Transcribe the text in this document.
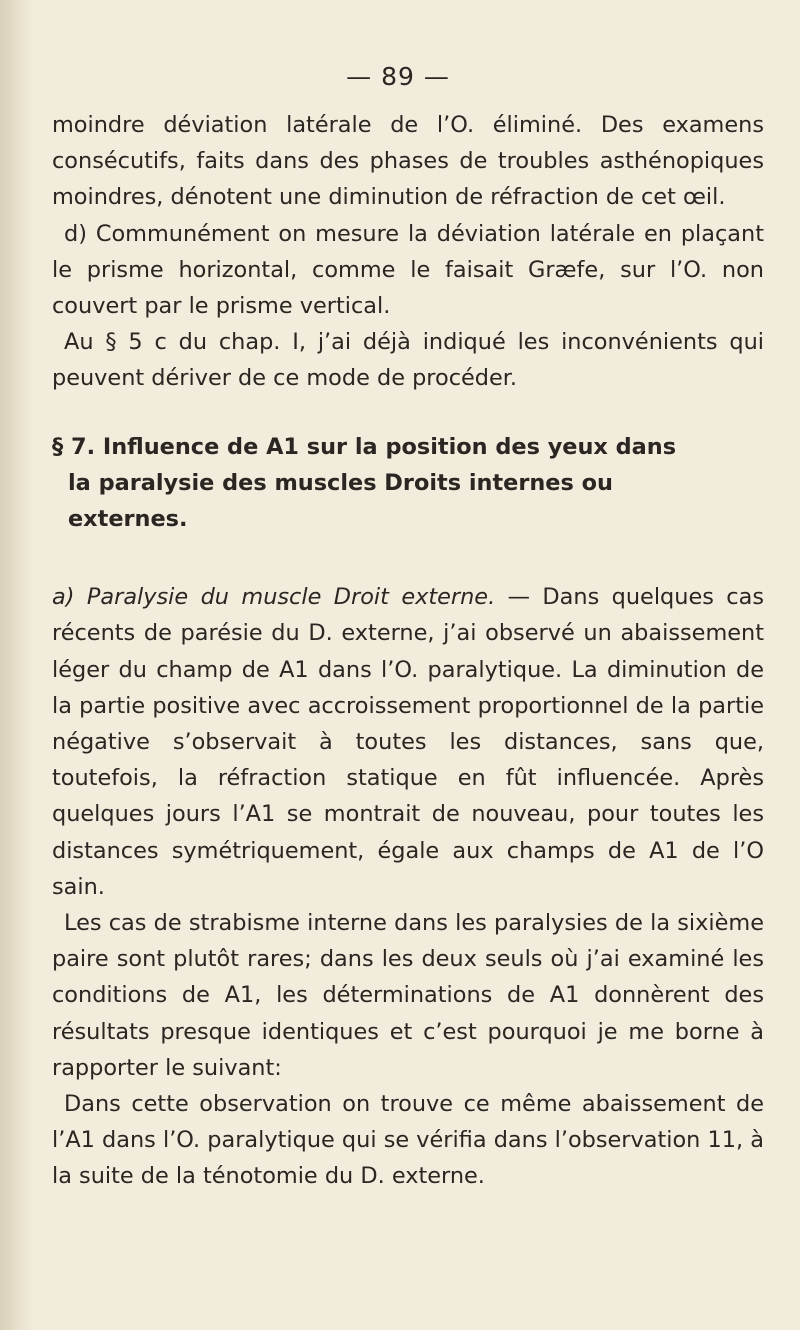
— 89 —

moindre déviation latérale de l’O. éliminé. Des examens consécutifs, faits dans des phases de troubles asthénopiques moindres, dénotent une diminution de réfraction de cet œil.

d) Communément on mesure la déviation latérale en plaçant le prisme horizontal, comme le faisait Græfe, sur l’O. non couvert par le prisme vertical.

Au § 5 c du chap. I, j’ai déjà indiqué les inconvénients qui peuvent dériver de ce mode de procéder.

§ 7. Influence de A1 sur la position des yeux dans
la paralysie des muscles Droits internes ou
externes.

a) Paralysie du muscle Droit externe. — Dans quelques cas récents de parésie du D. externe, j’ai observé un abaissement léger du champ de A1 dans l’O. paralytique. La diminution de la partie positive avec accroissement proportionnel de la partie négative s’observait à toutes les distances, sans que, toutefois, la réfraction statique en fût influencée. Après quelques jours l’A1 se montrait de nouveau, pour toutes les distances symétriquement, égale aux champs de A1 de l’O sain.

Les cas de strabisme interne dans les paralysies de la sixième paire sont plutôt rares; dans les deux seuls où j’ai examiné les conditions de A1, les déterminations de A1 donnèrent des résultats presque identiques et c’est pourquoi je me borne à rapporter le suivant:

Dans cette observation on trouve ce même abaissement de l’A1 dans l’O. paralytique qui se vérifia dans l’observation 11, à la suite de la ténotomie du D. externe.
